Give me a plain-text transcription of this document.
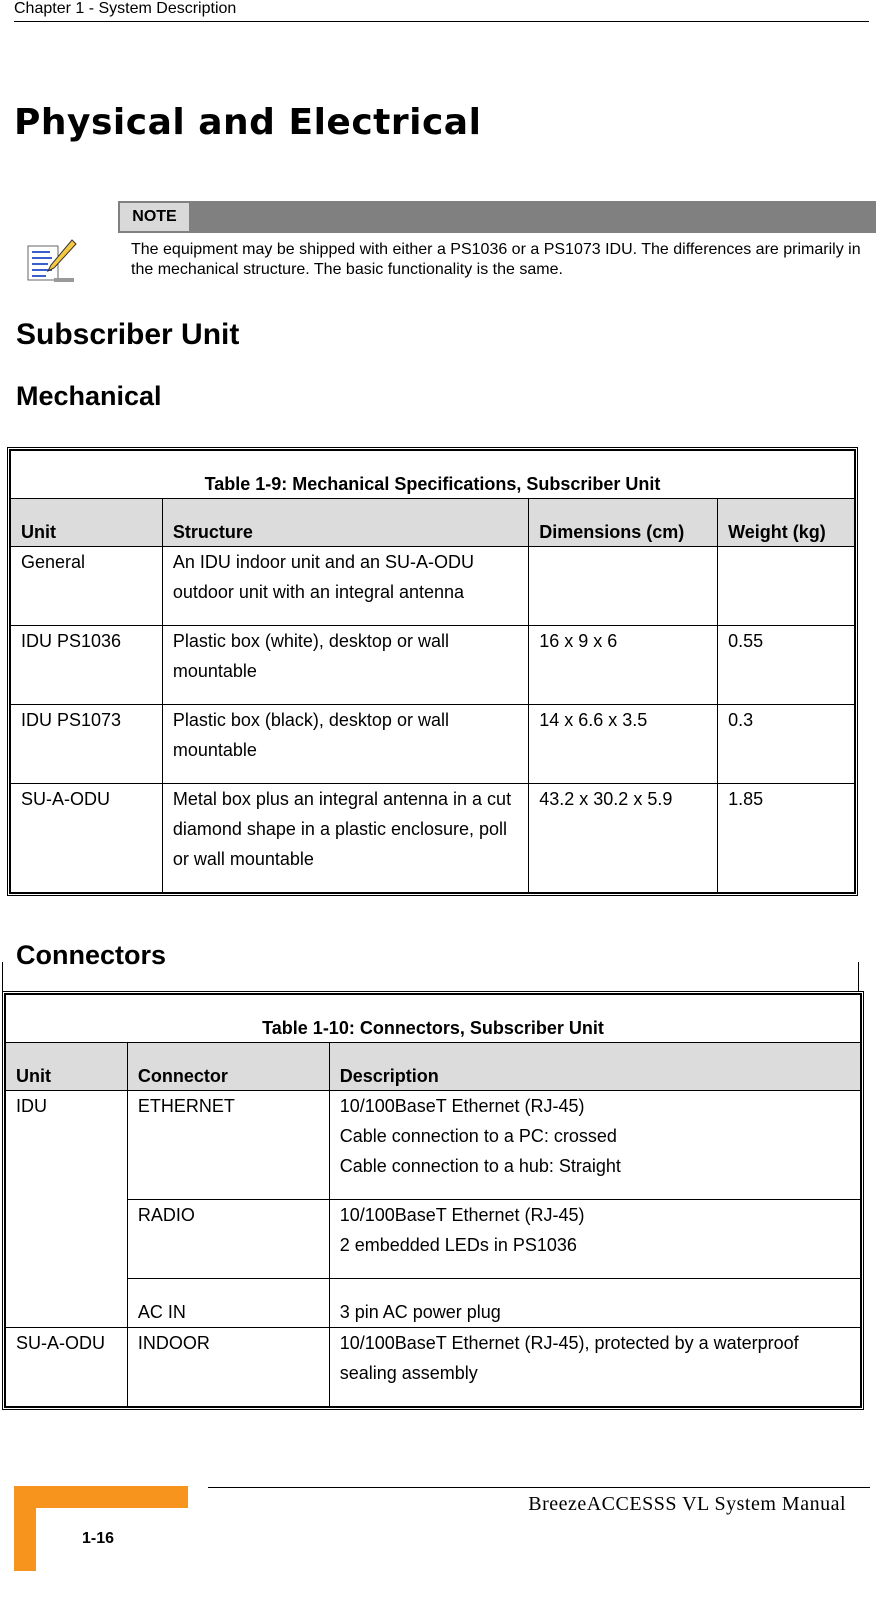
Chapter 1 - System Description
Physical and Electrical
NOTE
The equipment may be shipped with either a PS1036 or a PS1073 IDU. The differences are primarily in the mechanical structure. The basic functionality is the same.
Subscriber Unit
Mechanical
Table 1-9: Mechanical Specifications, Subscriber Unit			
Unit	Structure	Dimensions (cm)	Weight (kg)
General	An IDU indoor unit and an SU-A-ODU outdoor unit with an integral antenna		
IDU PS1036	Plastic box (white), desktop or wall mountable	16 x 9 x 6	0.55
IDU PS1073	Plastic box (black), desktop or wall mountable	14 x 6.6 x 3.5	0.3
SU-A-ODU	Metal box plus an integral antenna in a cut diamond shape in a plastic enclosure, poll or wall mountable	43.2 x 30.2 x 5.9	1.85
Connectors
Table 1-10: Connectors, Subscriber Unit		
Unit	Connector	Description
IDU	ETHERNET	10/100BaseT Ethernet (RJ-45)
Cable connection to a PC: crossed
Cable connection to a hub: Straight

	RADIO	10/100BaseT Ethernet (RJ-45)
2 embedded LEDs in PS1036

	AC IN	3 pin AC power plug

SU-A-ODU	INDOOR	10/100BaseT Ethernet (RJ-45), protected by a waterproof sealing assembly
BreezeACCESSS VL System Manual
1-16
